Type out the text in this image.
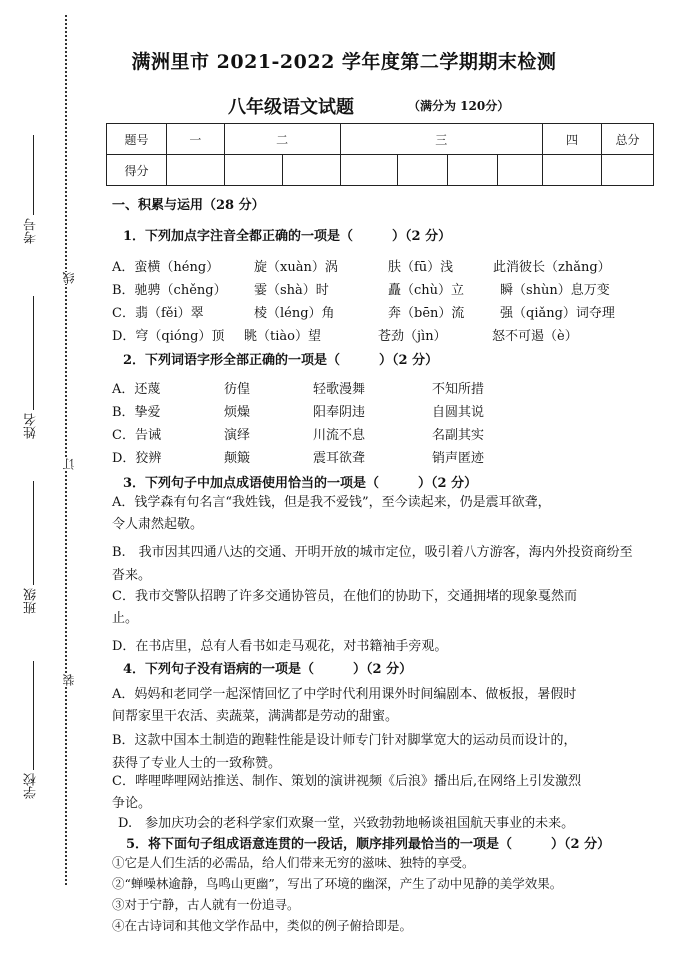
考号
姓名
班级
学校
线
订
装
满洲里市 2021-2022 学年度第二学期期末检测
八年级语文试题	（满分为 120分）
题号	一	二		三				四	总分
得分									
一、积累与运用（28 分）
1．下列加点字注音全都正确的一项是（　　　）（2 分）
A．蛮横（héng）	旋（xuàn）涡	肤（fū）浅	此消彼长（zhǎng）
B．驰骋（chěng） 霎（shà）时	矗（chù）立	瞬（shùn）息万变
C．翡（fěi）翠	棱（léng）角	奔（bēn）流	强（qiǎng）词夺理
D．穹（qióng）顶 眺（tiào）望	苍劲（jìn）	怒不可遏（è）
2．下列词语字形全部正确的一项是（　　　）（2 分）
A．还蔑	彷偟	轻歌漫舞	不知所措
B．挚爱	烦燥	阳奉阴违	自圆其说
C．告诫	演绎	川流不息	名副其实
D．狡辨	颠簸	震耳欲聋	销声匿迹
3．下列句子中加点成语使用恰当的一项是（　　　）（2 分）
A．钱学森有句名言“我姓钱，但是我不爱钱”，至今读起来，仍是震耳欲聋，
令人肃然起敬。
B.　我市因其四通八达的交通、开明开放的城市定位，吸引着八方游客，海内外投资商纷至
沓来。
C．我市交警队招聘了许多交通协管员，在他们的协助下，交通拥堵的现象戛然而
止。
D．在书店里，总有人看书如走马观花，对书籍袖手旁观。
4．下列句子没有语病的一项是（　　　）（2 分）
A．妈妈和老同学一起深情回忆了中学时代利用课外时间编剧本、做板报，暑假时
间帮家里干农活、卖蔬菜，满满都是劳动的甜蜜。
B．这款中国本土制造的跑鞋性能是设计师专门针对脚掌宽大的运动员而设计的，
获得了专业人士的一致称赞。
C．哔哩哔哩网站推送、制作、策划的演讲视频《后浪》播出后,在网络上引发激烈
争论。
D.　参加庆功会的老科学家们欢聚一堂，兴致勃勃地畅谈祖国航天事业的未来。
5．将下面句子组成语意连贯的一段话，顺序排列最恰当的一项是（　　　）（2 分）
①它是人们生活的必需品，给人们带来无穷的滋味、独特的享受。
②“蝉噪林逾静，鸟鸣山更幽”，写出了环境的幽深，产生了动中见静的美学效果。
③对于宁静，古人就有一份追寻。
④在古诗词和其他文学作品中，类似的例子俯拾即是。
